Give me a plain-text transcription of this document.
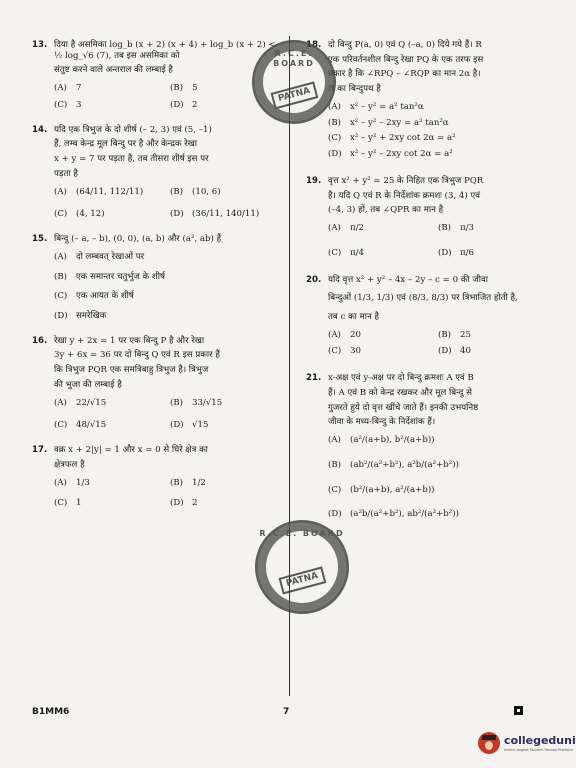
13. दिया है असमिका log_b (x + 2) (x + 4) + log_b (x + 2) < ½ log_√6 (7), तब इस असमिका को
संतुष्ट करने वाले अन्तराल की लम्बाई है
(A) 7	(B) 5
(C) 3	(D) 2
14. यदि एक त्रिभुज के दो शीर्ष (– 2, 3) एवं (5, –1)
हैं, लम्ब केन्द्र मूल बिन्दु पर है और केन्द्रक रेखा
x + y = 7 पर पड़ता है, तब तीसरा शीर्ष इस पर
पड़ता है
(A) (64/11, 112/11)	(B) (10, 6)
(C) (4, 12)	(D) (36/11, 140/11)
15. बिन्दु (– a, – b), (0, 0), (a, b) और (a², ab) हैं
(A) दो लम्बवत् रेखाओं पर
(B) एक समान्तर चतुर्भुज के शीर्ष
(C) एक आयत के शीर्ष
(D) समरेखिक
16. रेखा y + 2x = 1 पर एक बिन्दु P है और रेखा
3y + 6x = 36 पर दो बिन्दु Q एवं R इस प्रकार हैं
कि त्रिभुज PQR एक समत्रिबाहु त्रिभुज है। त्रिभुज
की भुजा की लम्बाई है
(A) 22/√15	(B) 33/√15
(C) 48/√15	(D) √15
17. वक्र x + 2|y| = 1 और x = 0 से घिरे क्षेत्र का
क्षेत्रफल है
(A) 1/3	(B) 1/2
(C) 1	(D) 2
18. दो बिन्दु P(a, 0) एवं Q (–a, 0) दिये गये हैं। R
एक परिवर्तनशील बिन्दु रेखा PQ के एक तरफ इस
प्रकार है कि ∠RPQ – ∠RQP का मान 2α है।
R का बिन्दुपथ है
(A) x² – y² = a² tan²α
(B) x² – y² – 2xy = a² tan²α
(C) x² – y² + 2xy cot 2α = a²
(D) x² – y² – 2xy cot 2α = a²
19. वृत्त x² + y² = 25 के निहित एक त्रिभुज PQR
है। यदि Q एवं R के निर्देशांक क्रमशः (3, 4) एवं
(–4, 3) हों, तब ∠QPR का मान है
(A) π/2	(B) π/3
(C) π/4	(D) π/6
20. यदि वृत्त x² + y² – 4x – 2y – c = 0 की जीवा
बिन्दुओं (1/3, 1/3) एवं (8/3, 8/3) पर त्रिभाजित होती है,
तब c का मान है
(A) 20	(B) 25
(C) 30	(D) 40
21. x-अक्ष एवं y-अक्ष पर दो बिन्दु क्रमशः A एवं B
हैं। A एवं B को केन्द्र रखकर और मूल बिन्दु से
गुजरते हुये दो वृत्त खींचे जाते हैं। इनकी उभयनिष्ठ
जीवा के मध्य-बिन्दु के निर्देशांक हैं।
(A) (a²/(a+b), b²/(a+b))
(B) (ab²/(a²+b²), a²b/(a²+b²))
(C) (b²/(a+b), a²/(a+b))
(D) (a²b/(a²+b²), ab²/(a²+b²))
R.C.E. BOARD
PATNA
R.C.E. BOARD
PATNA
B1MM6	7
collegeduni
India's largest Student Review Platform
